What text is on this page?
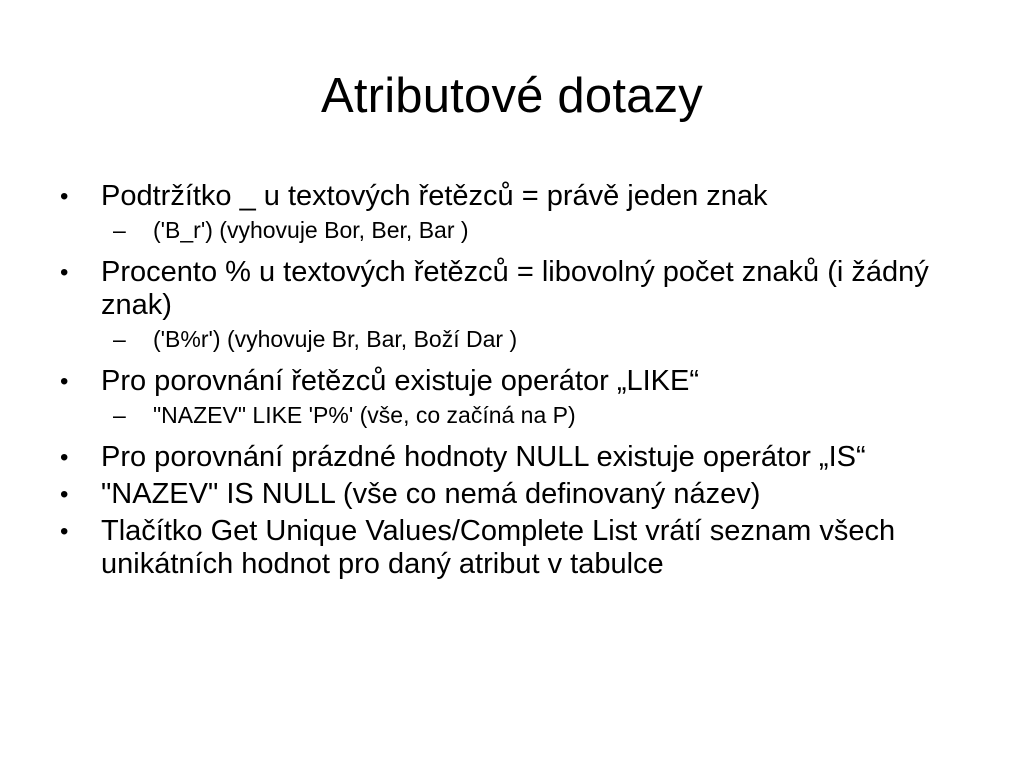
Atributové dotazy
•	Podtržítko _ u textových řetězců = právě jeden znak
–	('B_r') (vyhovuje Bor, Ber, Bar )
•	Procento % u textových řetězců = libovolný počet znaků (i žádný znak)
–	('B%r') (vyhovuje Br, Bar, Boží Dar )
•	Pro porovnání řetězců existuje operátor „LIKE“
–	"NAZEV" LIKE 'P%' (vše, co začíná na P)
•	Pro porovnání prázdné hodnoty NULL existuje operátor „IS“
•	"NAZEV" IS NULL (vše co nemá definovaný název)
•	Tlačítko Get Unique Values/Complete List vrátí seznam všech unikátních hodnot pro daný atribut v tabulce
